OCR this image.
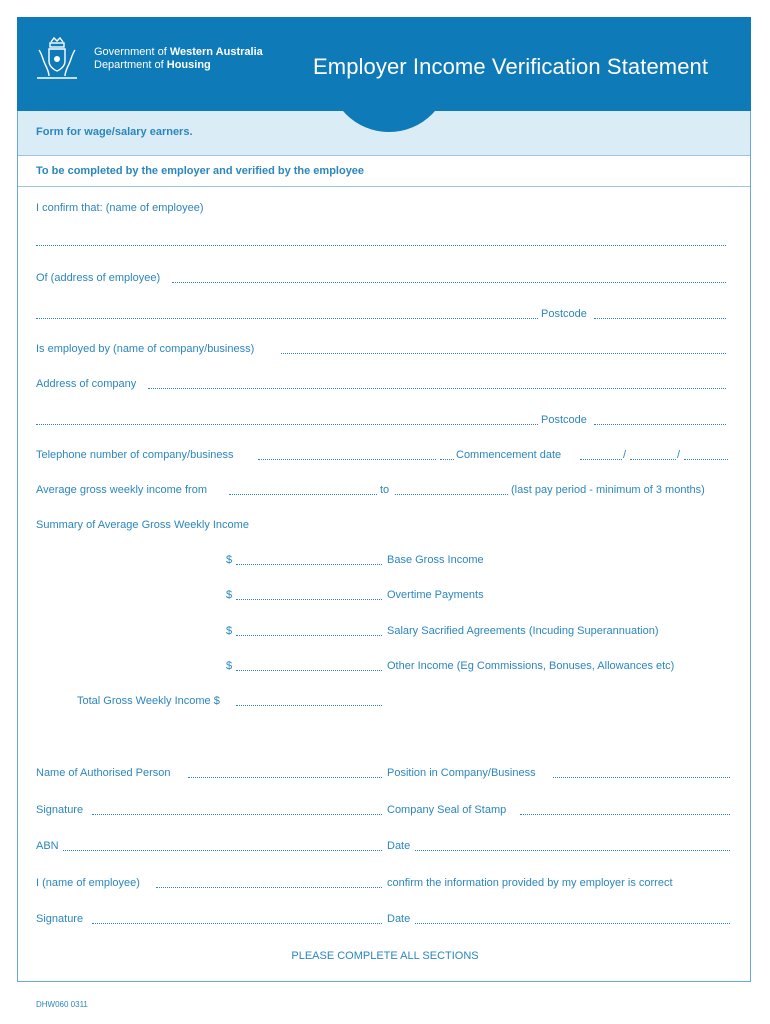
Government of Western Australia
Department of Housing	Employer Income Verification Statement
Form for wage/salary earners.
To be completed by the employer and verified by the employee
I confirm that: (name of employee)
Of (address of employee)
Postcode
Is employed by (name of company/business)
Address of company
Postcode
Telephone number of company/business	Commencement date	/	/
Average gross weekly income from	to	(last pay period - minimum of 3 months)
Summary of Average Gross Weekly Income
$	Base Gross Income
$	Overtime Payments
$	Salary Sacrified Agreements (Incuding Superannuation)
$	Other Income (Eg Commissions, Bonuses, Allowances etc)
Total Gross Weekly Income $
Name of Authorised Person	Position in Company/Business
Signature	Company Seal of Stamp
ABN	Date
I (name of employee)	confirm the information provided by my employer is correct
Signature	Date
PLEASE COMPLETE ALL SECTIONS
DHW060 0311
